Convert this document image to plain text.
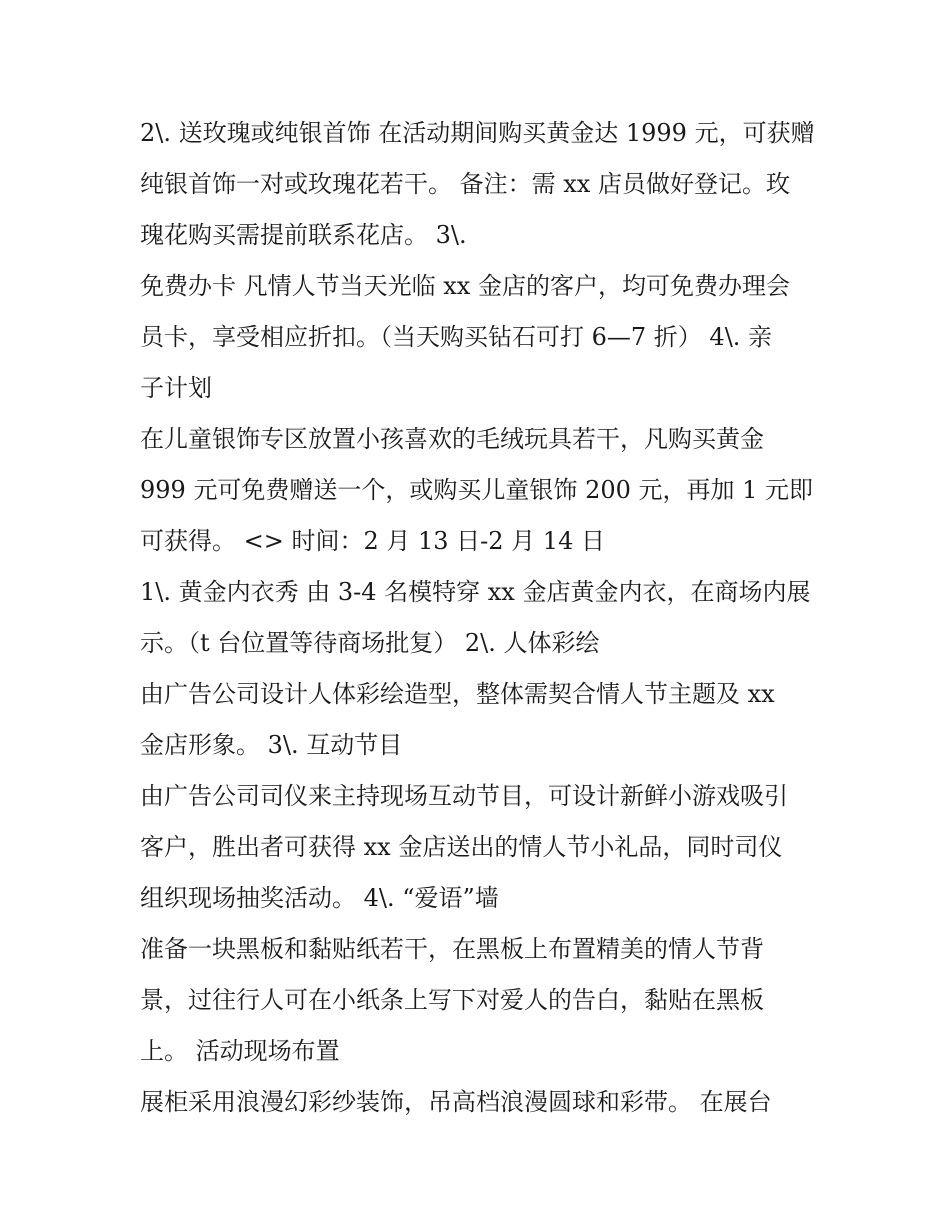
2\. 送玫瑰或纯银首饰 在活动期间购买黄金达 1999 元，可获赠
纯银首饰一对或玫瑰花若干。 备注：需 xx 店员做好登记。玫
瑰花购买需提前联系花店。 3\.
免费办卡 凡情人节当天光临 xx 金店的客户，均可免费办理会
员卡，享受相应折扣。（当天购买钻石可打 6—7 折） 4\. 亲
子计划
在儿童银饰专区放置小孩喜欢的毛绒玩具若干，凡购买黄金
999 元可免费赠送一个，或购买儿童银饰 200 元，再加 1 元即
可获得。 <> 时间：2 月 13 日-2 月 14 日
1\. 黄金内衣秀 由 3-4 名模特穿 xx 金店黄金内衣，在商场内展
示。（t 台位置等待商场批复） 2\. 人体彩绘
由广告公司设计人体彩绘造型，整体需契合情人节主题及 xx
金店形象。 3\. 互动节目
由广告公司司仪来主持现场互动节目，可设计新鲜小游戏吸引
客户，胜出者可获得 xx 金店送出的情人节小礼品，同时司仪
组织现场抽奖活动。 4\. “爱语”墙
准备一块黑板和黏贴纸若干，在黑板上布置精美的情人节背
景，过往行人可在小纸条上写下对爱人的告白，黏贴在黑板
上。 活动现场布置
展柜采用浪漫幻彩纱装饰，吊高档浪漫圆球和彩带。 在展台
